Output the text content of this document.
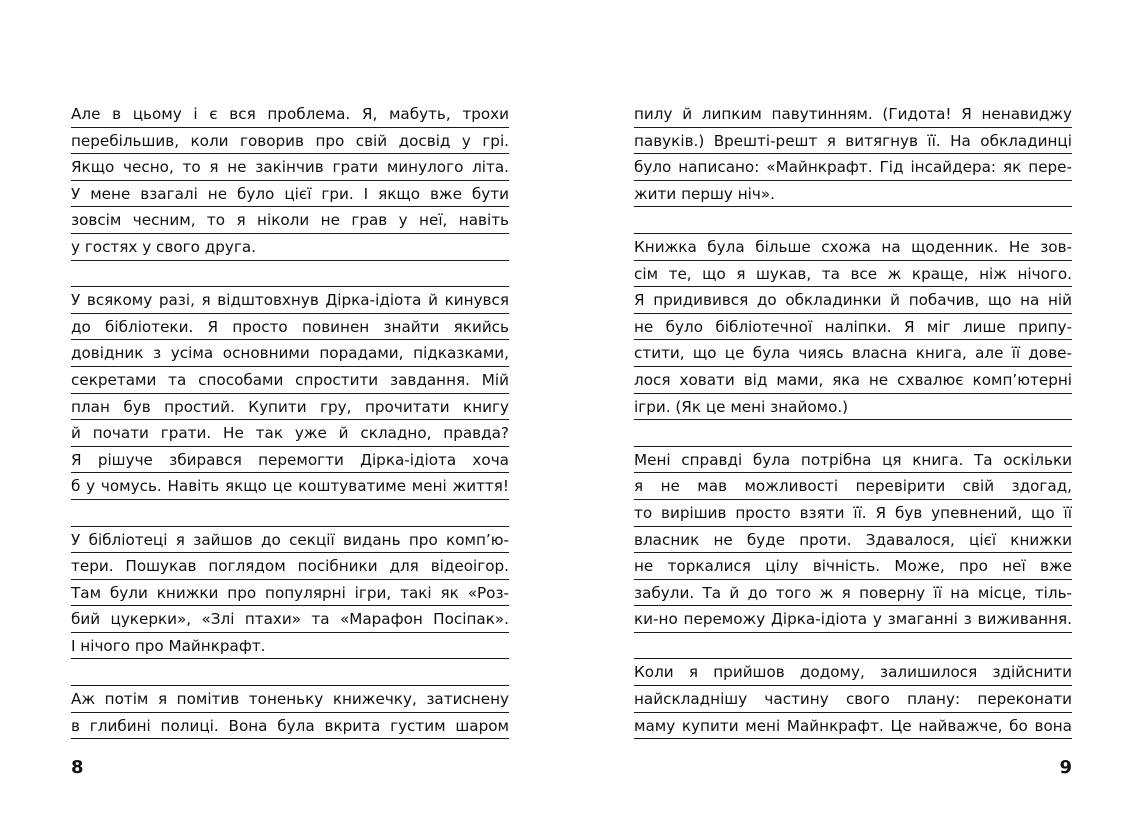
Але в цьому і є вся проблема. Я, мабуть, трохи
перебільшив, коли говорив про свій досвід у грі.
Якщо чесно, то я не закінчив грати минулого літа.
У мене взагалі не було цієї гри. І якщо вже бути
зовсім чесним, то я ніколи не грав у неї, навіть
у гостях у свого друга.
У всякому разі, я відштовхнув Дірка-ідіота й кинувся
до бібліотеки. Я просто повинен знайти якийсь
довідник з усіма основними порадами, підказками,
секретами та способами спростити завдання. Мій
план був простий. Купити гру, прочитати книгу
й почати грати. Не так уже й складно, правда?
Я рішуче збирався перемогти Дірка-ідіота хоча
б у чомусь. Навіть якщо це коштуватиме мені життя!
У бібліотеці я зайшов до секції видань про комп’ю-
тери. Пошукав поглядом посібники для відеоігор.
Там були книжки про популярні ігри, такі як «Роз-
бий цукерки», «Злі птахи» та «Марафон Посіпак».
І нічого про Майнкрафт.
Аж потім я помітив тоненьку книжечку, затиснену
в глибині полиці. Вона була вкрита густим шаром
8
пилу й липким павутинням. (Гидота! Я ненавиджу
павуків.) Врешті-решт я витягнув її. На обкладинці
було написано: «Майнкрафт. Гід інсайдера: як пере-
жити першу ніч».
Книжка була більше схожа на щоденник. Не зов-
сім те, що я шукав, та все ж краще, ніж нічого.
Я придивився до обкладинки й побачив, що на ній
не було бібліотечної наліпки. Я міг лише припу-
стити, що це була чиясь власна книга, але її дове-
лося ховати від мами, яка не схвалює комп’ютерні
ігри. (Як це мені знайомо.)
Мені справді була потрібна ця книга. Та оскільки
я не мав можливості перевірити свій здогад,
то вирішив просто взяти її. Я був упевнений, що її
власник не буде проти. Здавалося, цієї книжки
не торкалися цілу вічність. Може, про неї вже
забули. Та й до того ж я поверну її на місце, тіль-
ки-но переможу Дірка-ідіота у змаганні з виживання.
Коли я прийшов додому, залишилося здійснити
найскладнішу частину свого плану: переконати
маму купити мені Майнкрафт. Це найважче, бо вона
9
